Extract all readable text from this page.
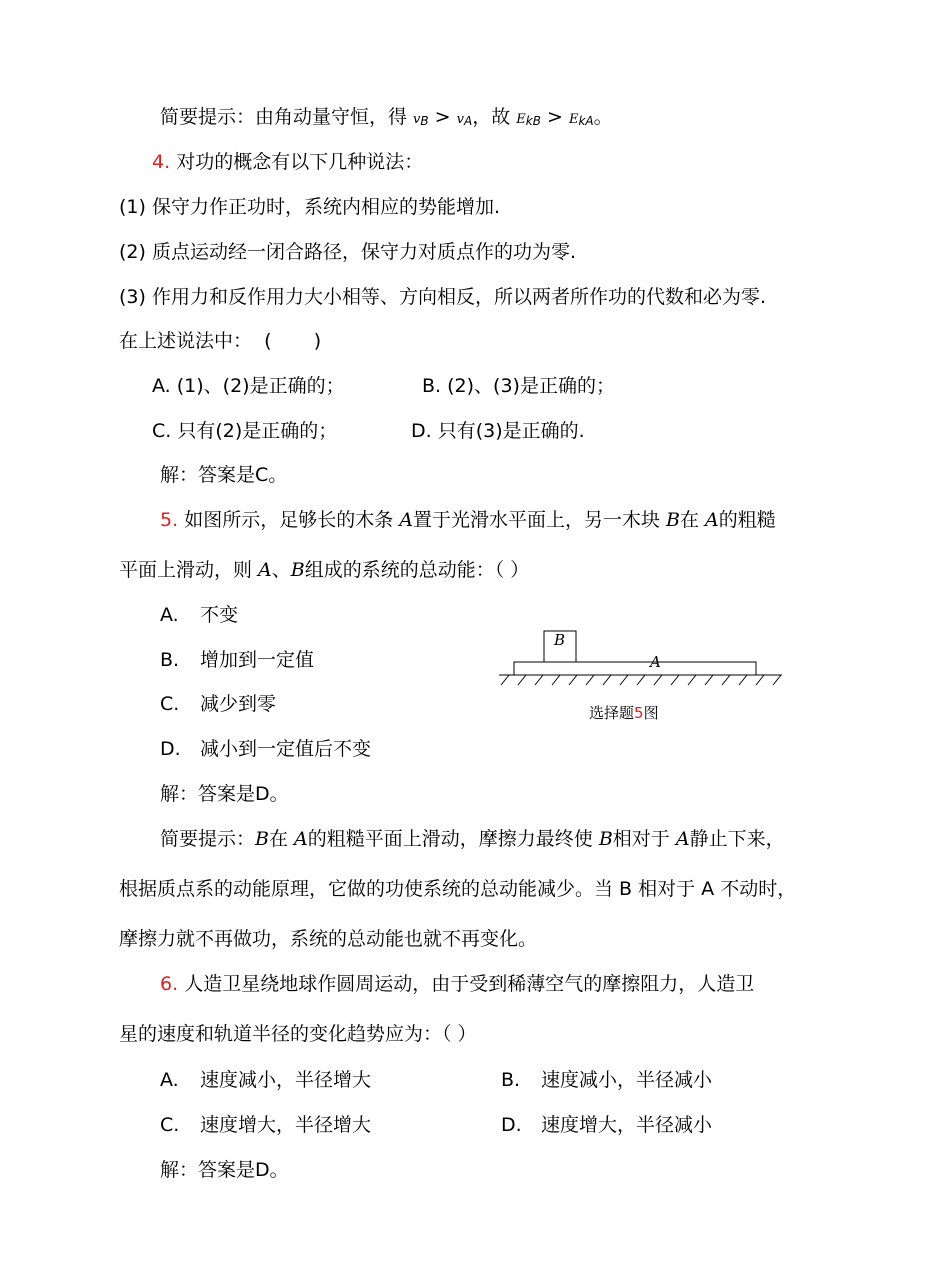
简要提示：由角动量守恒，得 vB > vA，故 EkB > EkA。
4. 对功的概念有以下几种说法：
(1) 保守力作正功时，系统内相应的势能增加.
(2) 质点运动经一闭合路径，保守力对质点作的功为零.
(3) 作用力和反作用力大小相等、方向相反，所以两者所作功的代数和必为零.
在上述说法中：  (       )
A. (1)、(2)是正确的；	B. (2)、(3)是正确的；
C. 只有(2)是正确的；	D. 只有(3)是正确的.
解：答案是C。
5. 如图所示，足够长的木条 A置于光滑水平面上，另一木块 B在 A的粗糙
平面上滑动，则 A、B组成的系统的总动能：（ ）
A. 不变
B. 增加到一定值
C. 减少到零
D. 减小到一定值后不变
B
A
选择题5图
解：答案是D。
简要提示：B在 A的粗糙平面上滑动，摩擦力最终使 B相对于 A静止下来，
根据质点系的动能原理，它做的功使系统的总动能减少。当 B 相对于 A 不动时，
摩擦力就不再做功，系统的总动能也就不再变化。
6. 人造卫星绕地球作圆周运动，由于受到稀薄空气的摩擦阻力，人造卫
星的速度和轨道半径的变化趋势应为：（ ）
A. 速度减小，半径增大	B. 速度减小，半径减小
C. 速度增大，半径增大	D. 速度增大，半径减小
解：答案是D。
